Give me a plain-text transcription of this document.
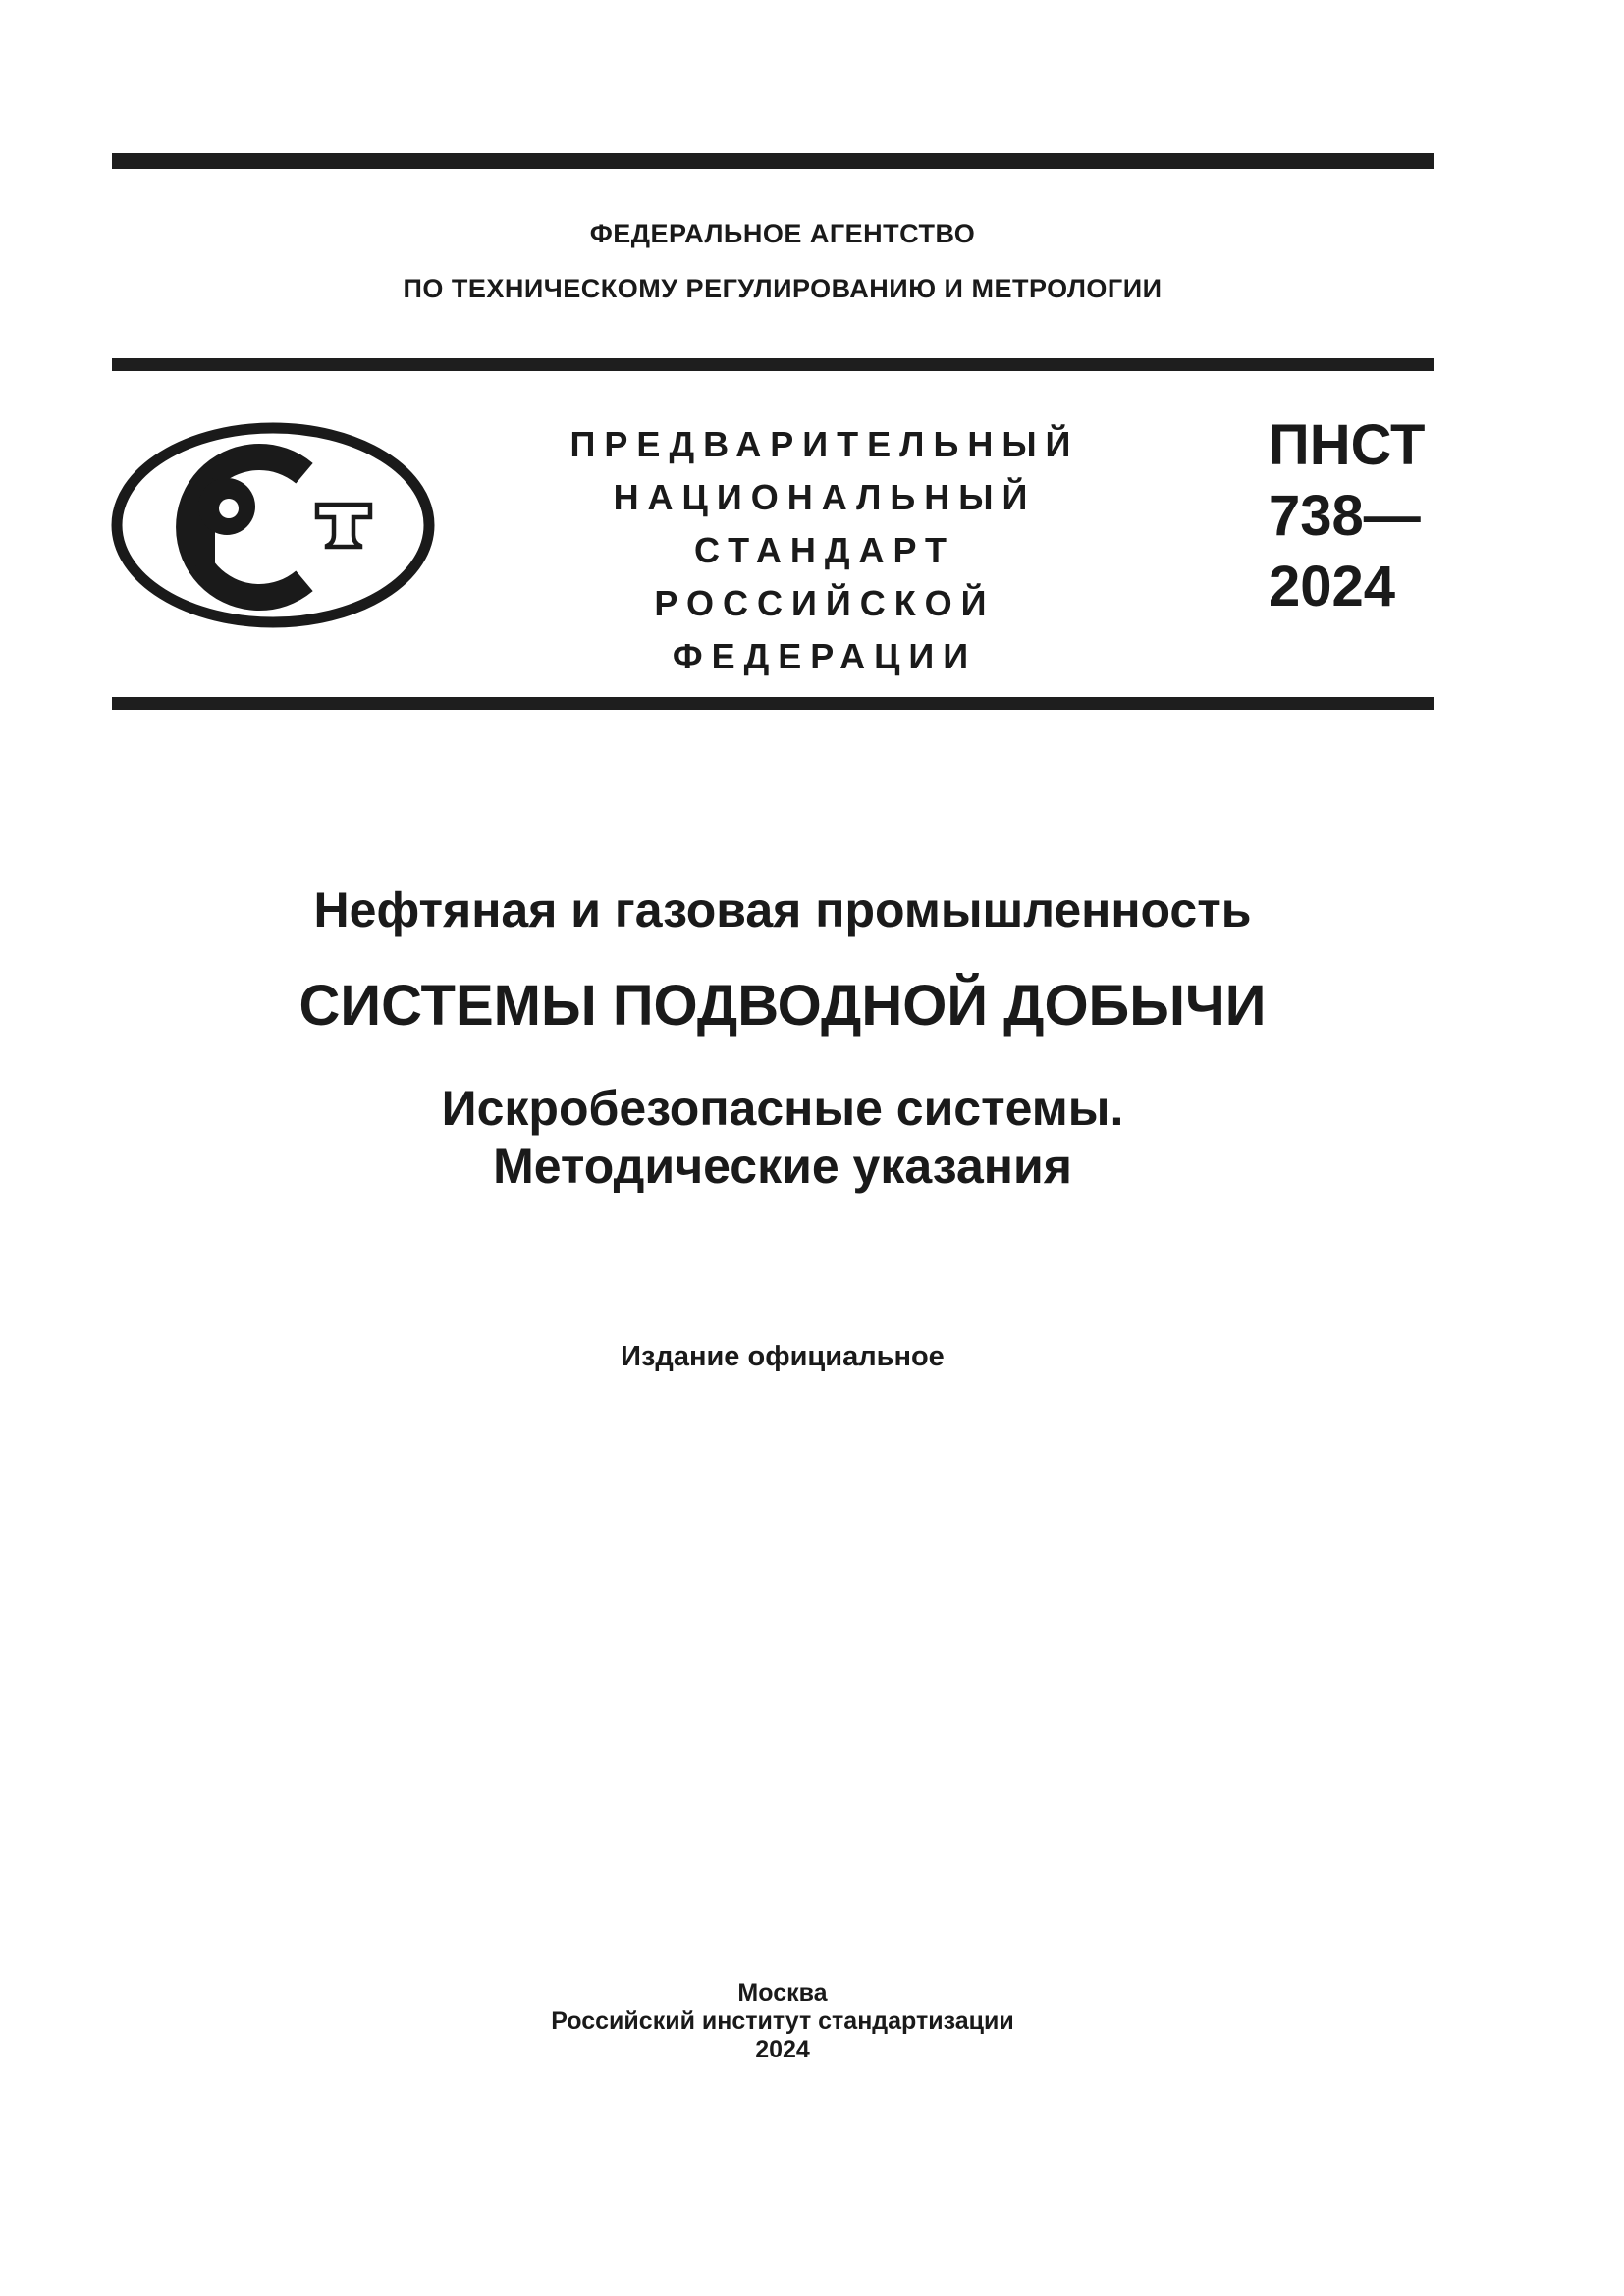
ФЕДЕРАЛЬНОЕ АГЕНТСТВО
ПО ТЕХНИЧЕСКОМУ РЕГУЛИРОВАНИЮ И МЕТРОЛОГИИ
ПРЕДВАРИТЕЛЬНЫЙ
НАЦИОНАЛЬНЫЙ
СТАНДАРТ
РОССИЙСКОЙ
ФЕДЕРАЦИИ
ПНСТ
738—
2024
Нефтяная и газовая промышленность
СИСТЕМЫ ПОДВОДНОЙ ДОБЫЧИ
Искробезопасные системы.
Методические указания
Издание официальное
Москва
Российский институт стандартизации
2024
